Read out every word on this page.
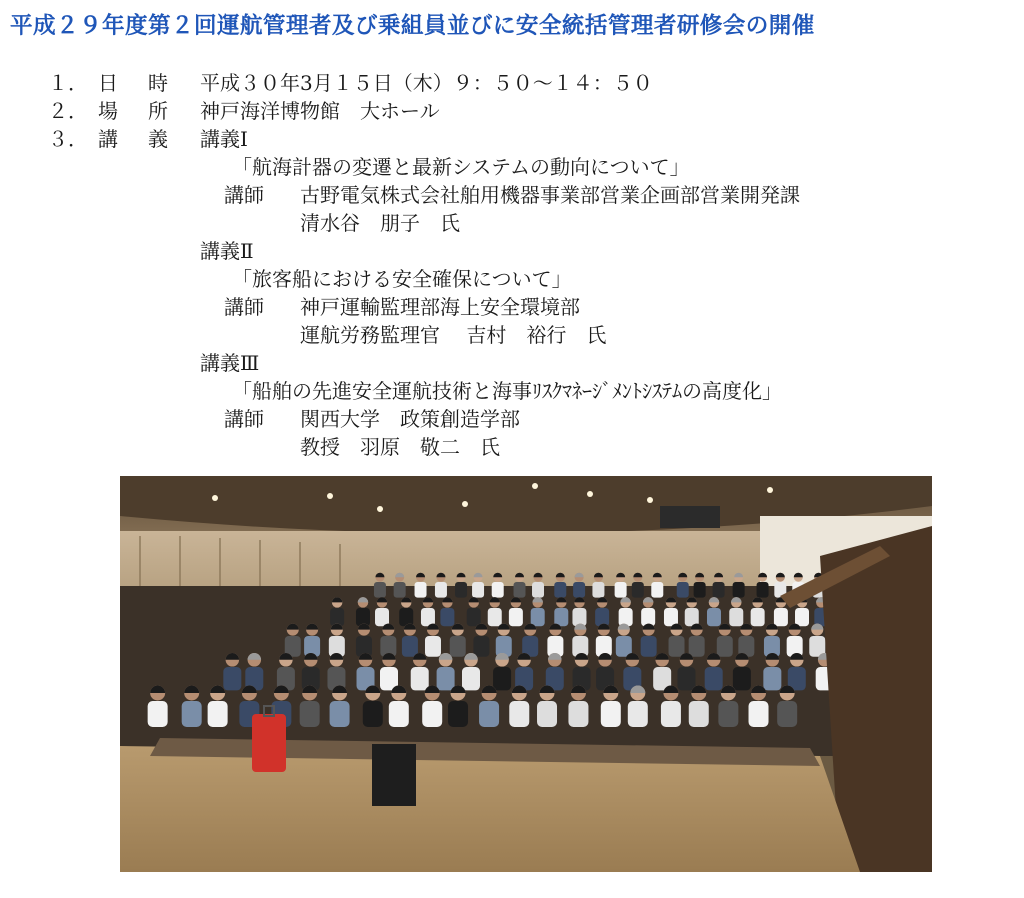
平成２９年度第２回運航管理者及び乗組員並びに安全統括管理者研修会の開催
１． 日 時 平成３０年3月１５日（木）９：５０～１４：５０
２． 場 所 神戸海洋博物館　大ホール
３． 講 義 講義Ⅰ
「航海計器の変遷と最新システムの動向について」
講師 古野電気株式会社舶用機器事業部営業企画部営業開発課
清水谷　朋子　氏
講義Ⅱ
「旅客船における安全確保について」
講師 神戸運輸監理部海上安全環境部
運航労務監理官　 吉村　裕行　氏
講義Ⅲ
「船舶の先進安全運航技術と海事ﾘｽｸﾏﾈｰｼﾞﾒﾝﾄｼｽﾃﾑの高度化」
講師 関西大学　政策創造学部
教授　羽原　敬二　氏
